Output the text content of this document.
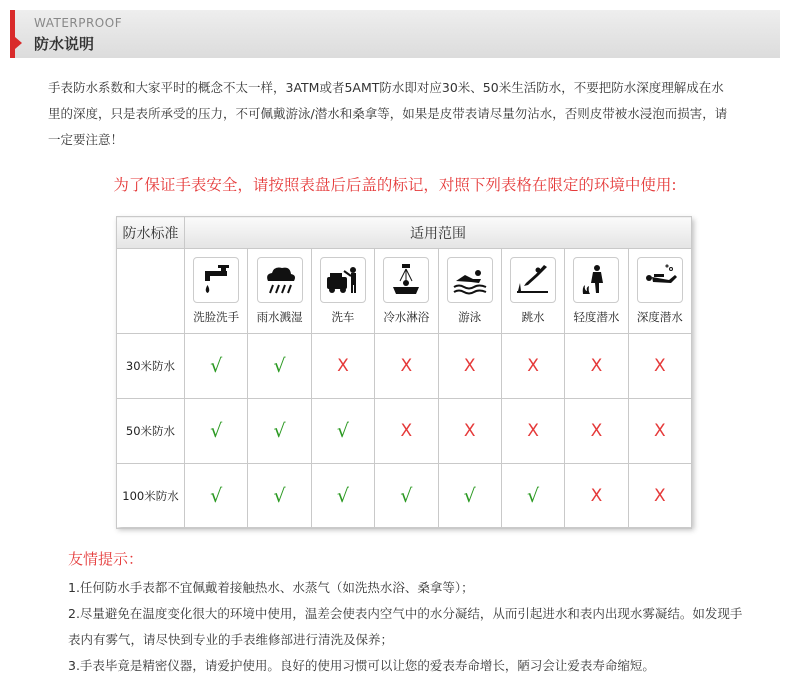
WATERPROOF
防水说明

手表防水系数和大家平时的概念不太一样，3ATM或者5AMT防水即对应30米、50米生活防水，不要把防水深度理解成在水里的深度，只是表所承受的压力，不可佩戴游泳/潜水和桑拿等，如果是皮带表请尽量勿沾水，否则皮带被水浸泡而损害，请一定要注意！

为了保证手表安全，请按照表盘后后盖的标记，对照下列表格在限定的环境中使用:
防水标准	适用范围							

	洗脸洗手	雨水溅湿	洗车	冷水淋浴	游泳	跳水	轻度潜水	深度潜水

30米防水	√	√	X	X	X	X	X	X
50米防水	√	√	√	X	X	X	X	X
100米防水	√	√	√	√	√	√	X	X
友情提示：
1.任何防水手表都不宜佩戴着接触热水、水蒸气（如洗热水浴、桑拿等）；
2.尽量避免在温度变化很大的环境中使用，温差会使表内空气中的水分凝结，从而引起进水和表内出现水雾凝结。如发现手表内有雾气，请尽快到专业的手表维修部进行清洗及保养；
3.手表毕竟是精密仪器，请爱护使用。良好的使用习惯可以让您的爱表寿命增长，陋习会让爱表寿命缩短。
